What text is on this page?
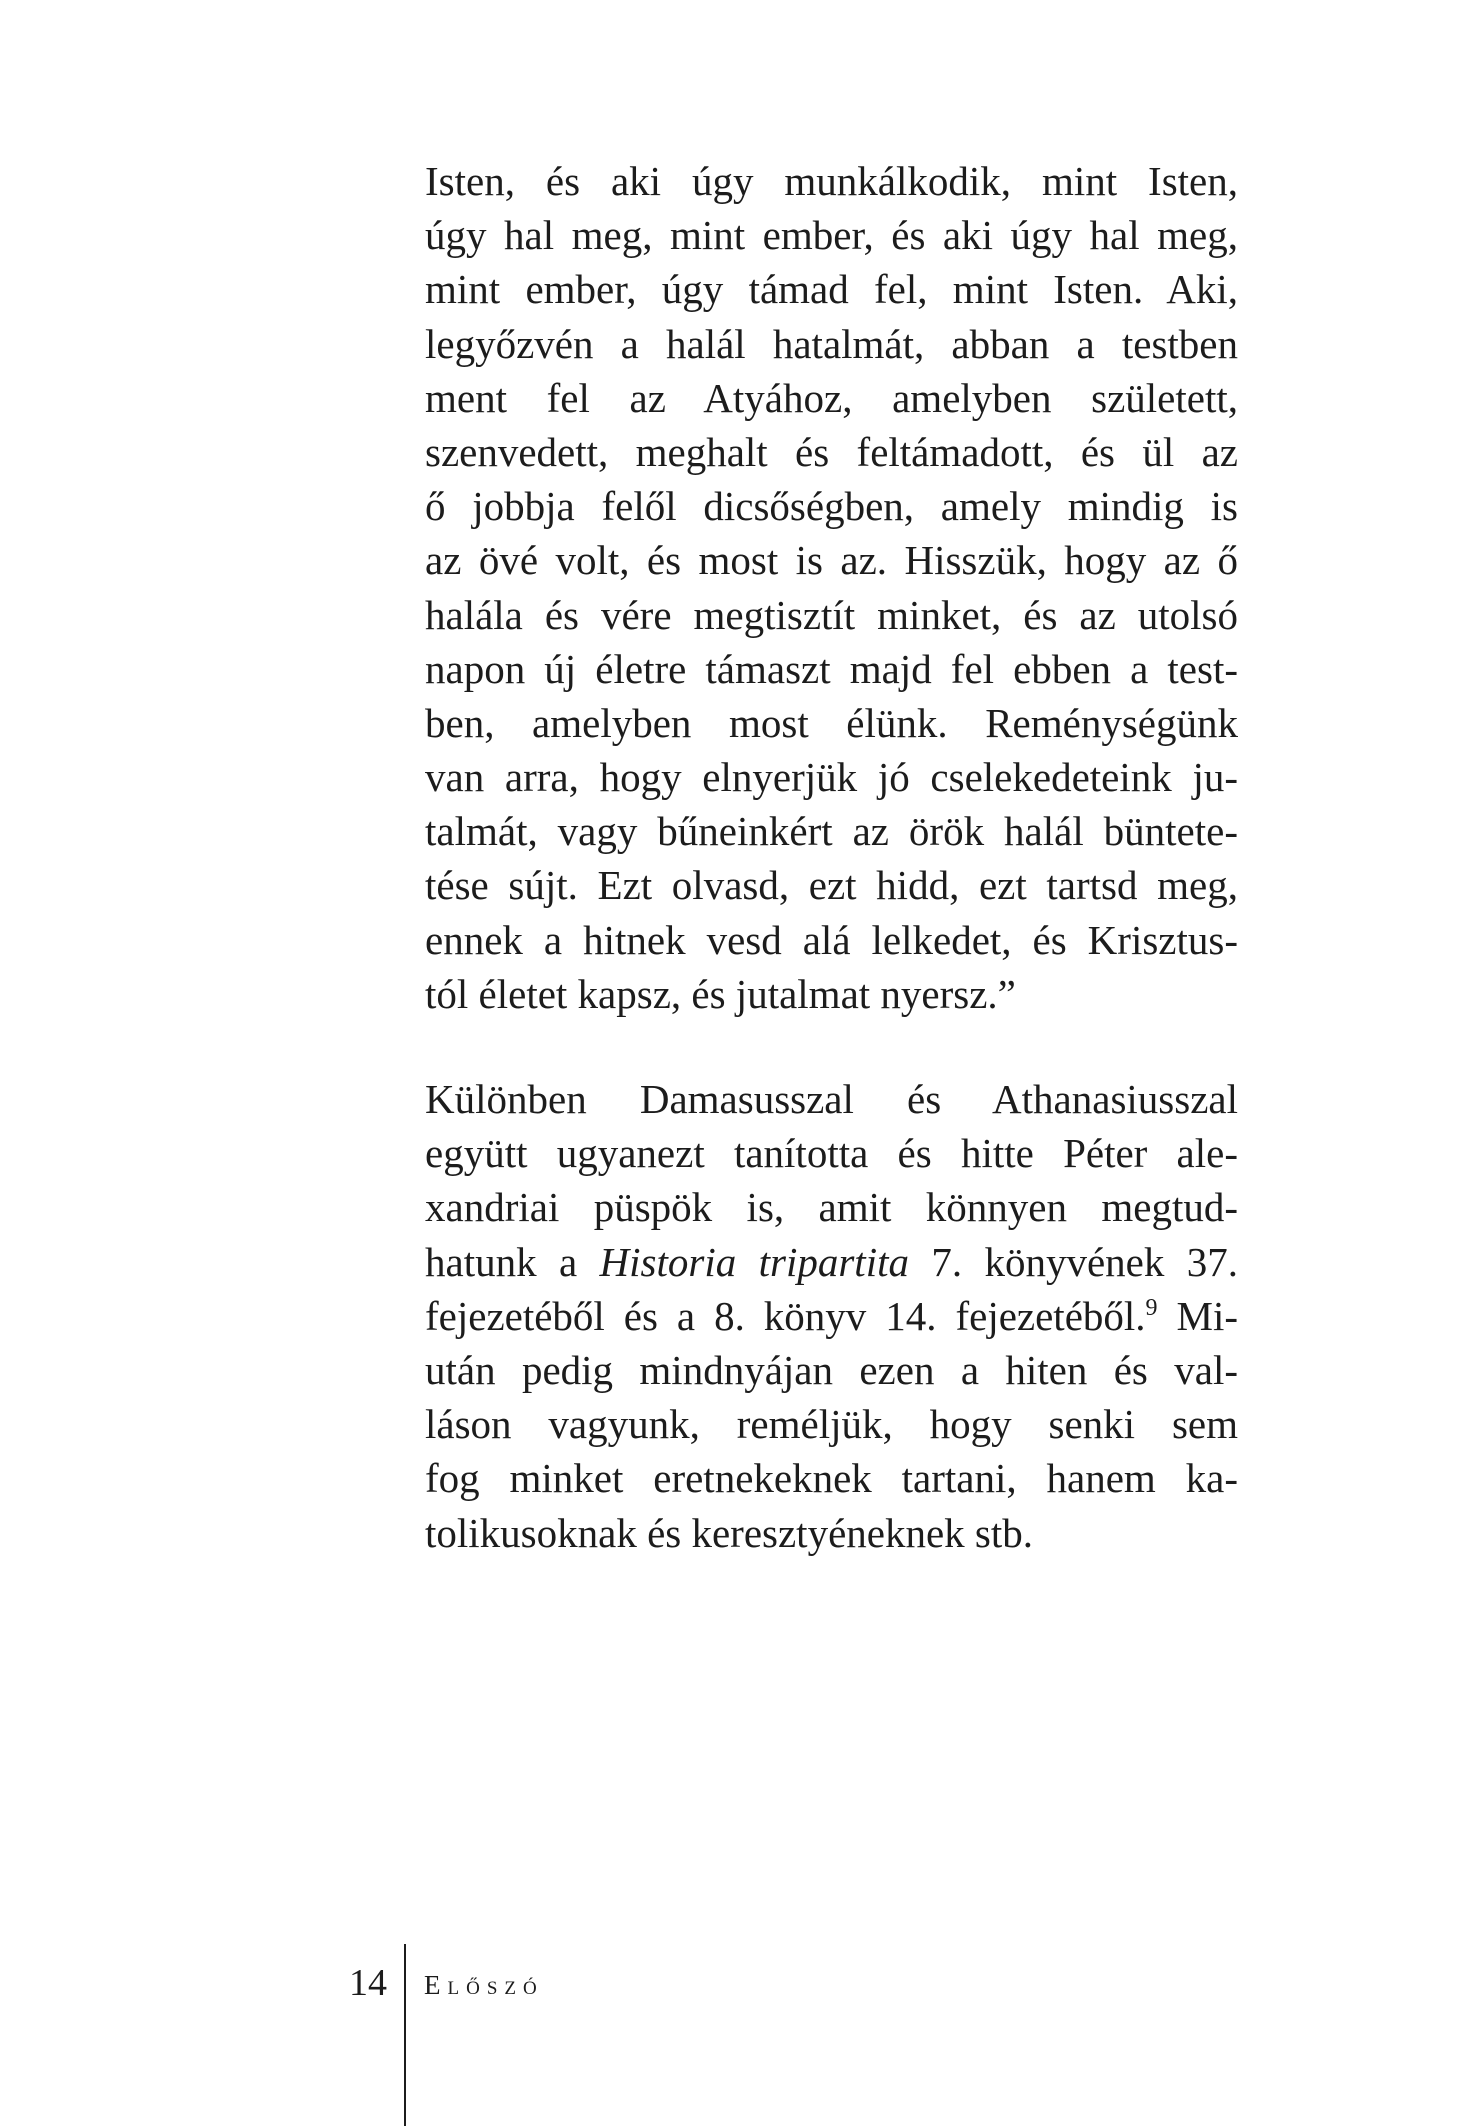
Isten, és aki úgy munkálkodik, mint Isten,
úgy hal meg, mint ember, és aki úgy hal meg,
mint ember, úgy támad fel, mint Isten. Aki,
legyőzvén a halál hatalmát, abban a testben
ment fel az Atyához, amelyben született,
szenvedett, meghalt és feltámadott, és ül az
ő jobbja felől dicsőségben, amely mindig is
az övé volt, és most is az. Hisszük, hogy az ő
halála és vére megtisztít minket, és az utolsó
napon új életre támaszt majd fel ebben a test-
ben, amelyben most élünk. Reménységünk
van arra, hogy elnyerjük jó cselekedeteink ju-
talmát, vagy bűneinkért az örök halál büntete-
tése sújt. Ezt olvasd, ezt hidd, ezt tartsd meg,
ennek a hitnek vesd alá lelkedet, és Krisztus-
tól életet kapsz, és jutalmat nyersz.”
Különben Damasusszal és Athanasiusszal
együtt ugyanezt tanította és hitte Péter ale-
xandriai püspök is, amit könnyen megtud-
hatunk a Historia tripartita 7. könyvének 37.
fejezetéből és a 8. könyv 14. fejezetéből.$^9$ Mi-
után pedig mindnyájan ezen a hiten és val-
láson vagyunk, reméljük, hogy senki sem
fog minket eretnekeknek tartani, hanem ka-
tolikusoknak és keresztyéneknek stb.
14 Előszó
